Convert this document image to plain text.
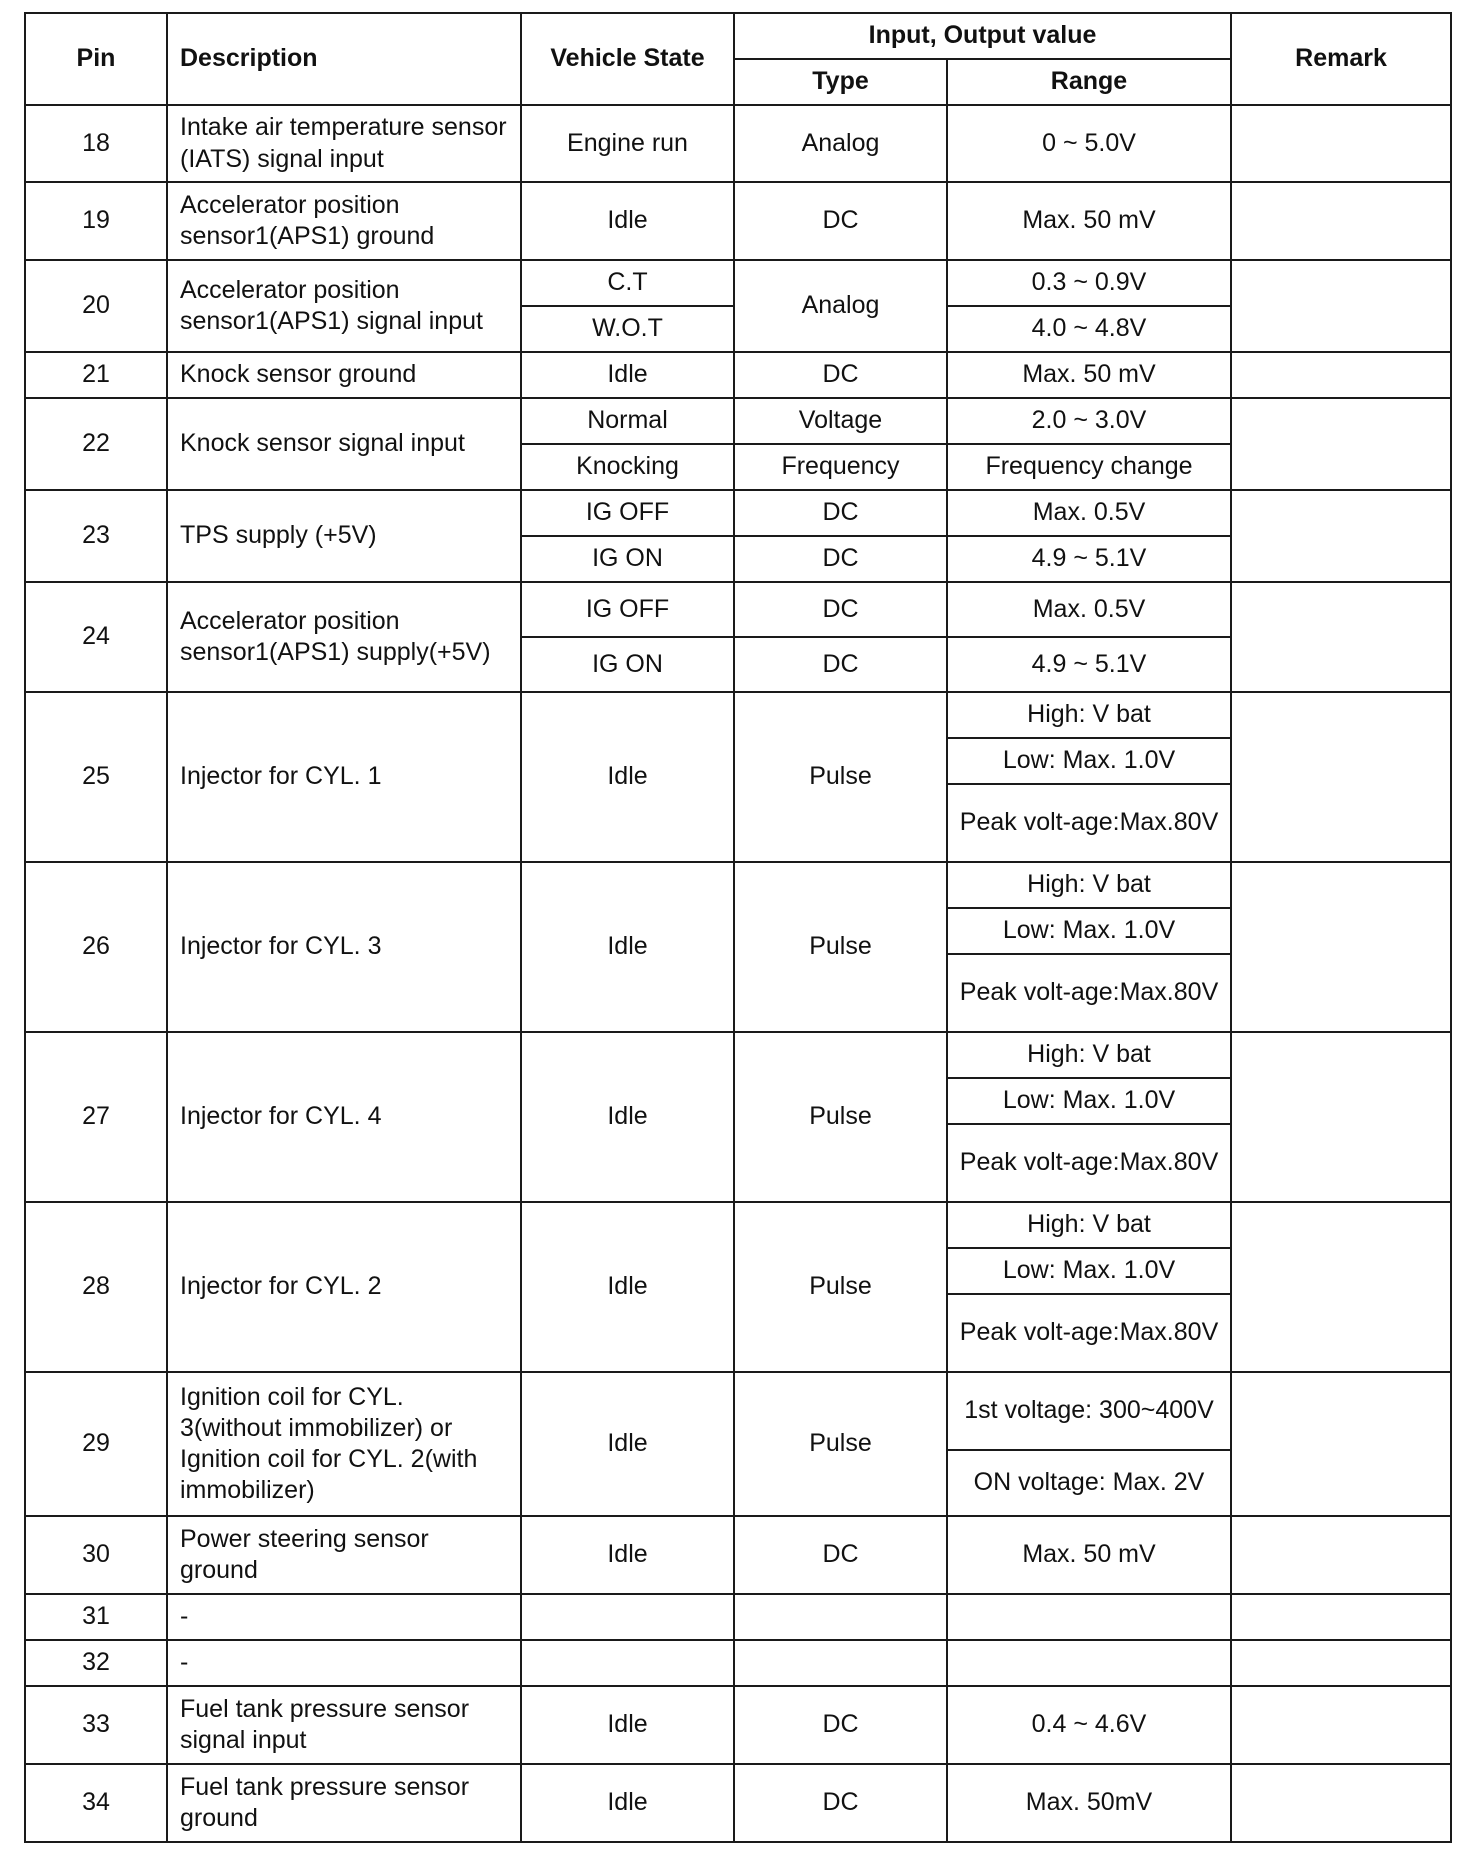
Pin	Description	Vehicle State	Input, Output value		Remark
			Type	Range	
18	Intake air temperature sensor (IATS) signal input	Engine run	Analog	0 ~ 5.0V	
19	Accelerator position sensor1(APS1) ground	Idle	DC	Max. 50 mV	
20	Accelerator position sensor1(APS1) signal input	C.T	Analog	0.3 ~ 0.9V	
		W.O.T		4.0 ~ 4.8V	
21	Knock sensor ground	Idle	DC	Max. 50 mV	
22	Knock sensor signal input	Normal	Voltage	2.0 ~ 3.0V	
		Knocking	Frequency	Frequency change	
23	TPS supply (+5V)	IG OFF	DC	Max. 0.5V	
		IG ON	DC	4.9 ~ 5.1V	
24	Accelerator position sensor1(APS1) supply(+5V)	IG OFF	DC	Max. 0.5V	
		IG ON	DC	4.9 ~ 5.1V	
25	Injector for CYL. 1	Idle	Pulse	High: V bat	
				Low: Max. 1.0V	
				Peak volt-age:Max.80V	
26	Injector for CYL. 3	Idle	Pulse	High: V bat	
				Low: Max. 1.0V	
				Peak volt-age:Max.80V	
27	Injector for CYL. 4	Idle	Pulse	High: V bat	
				Low: Max. 1.0V	
				Peak volt-age:Max.80V	
28	Injector for CYL. 2	Idle	Pulse	High: V bat	
				Low: Max. 1.0V	
				Peak volt-age:Max.80V	
29	Ignition coil for CYL. 3(without immobilizer) or Ignition coil for CYL. 2(with immobilizer)	Idle	Pulse	1st voltage: 300~400V	
				ON voltage: Max. 2V	
30	Power steering sensor ground	Idle	DC	Max. 50 mV	
31	-				
32	-				
33	Fuel tank pressure sensor signal input	Idle	DC	0.4 ~ 4.6V	
34	Fuel tank pressure sensor ground	Idle	DC	Max. 50mV	
